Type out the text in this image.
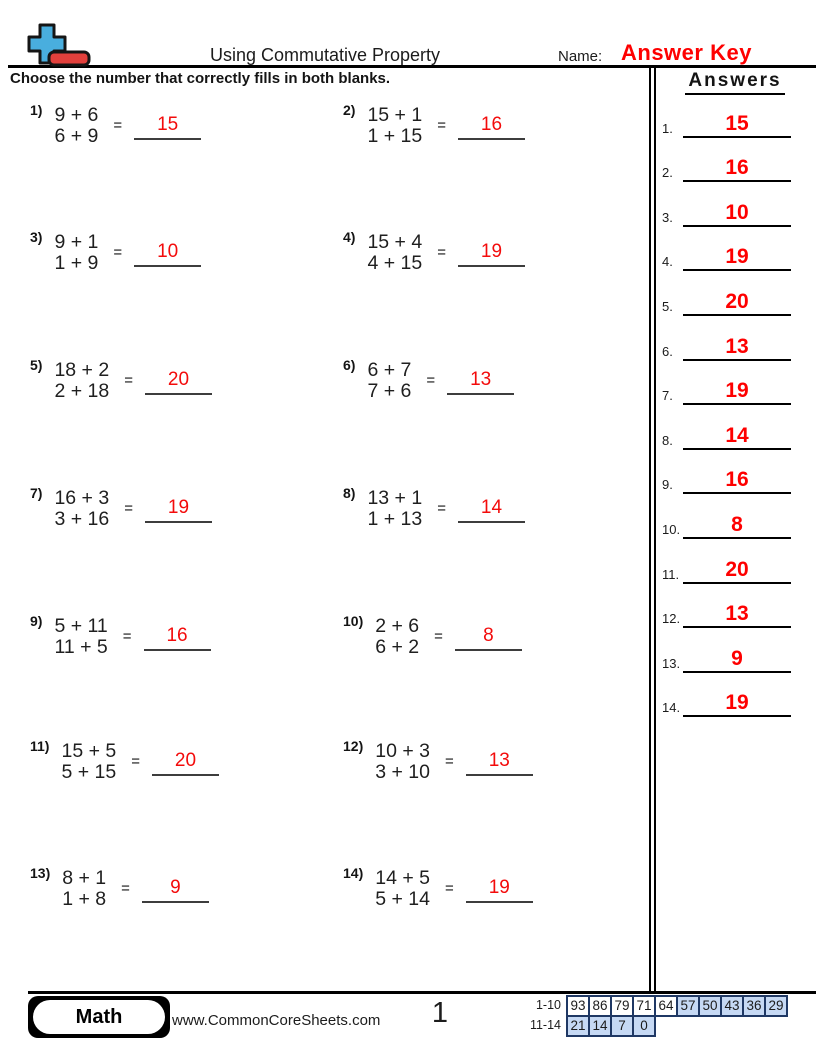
Using Commutative Property	Name: Answer Key
Choose the number that correctly fills in both blanks.	Answers
1.	15
2.	16
3.	10
4.	19
5.	20
6.	13
7.	19
8.	14
9.	16
10.	8
11.	20
12.	13
13.	9
14.	19
1) 9 + 6
6 + 9 =	15
2) 15 + 1
1 + 15 =	16
3) 9 + 1
1 + 9 =	10
4) 15 + 4
4 + 15 =	19
5) 18 + 2
2 + 18 =	20
6) 6 + 7
7 + 6 =	13
7) 16 + 3
3 + 16 =	19
8) 13 + 1
1 + 13 =	14
9) 5 + 11
11 + 5 =	16
10) 2 + 6
6 + 2 =	8
11) 15 + 5
5 + 15 =	20
12) 10 + 3
3 + 10 =	13
13) 8 + 1
1 + 8 =	9
14) 14 + 5
5 + 14 =	19
Math	www.CommonCoreSheets.com 1	1-10 93 86 79 71 64 57 50 43 36 29
11-14 21 14 7	0
